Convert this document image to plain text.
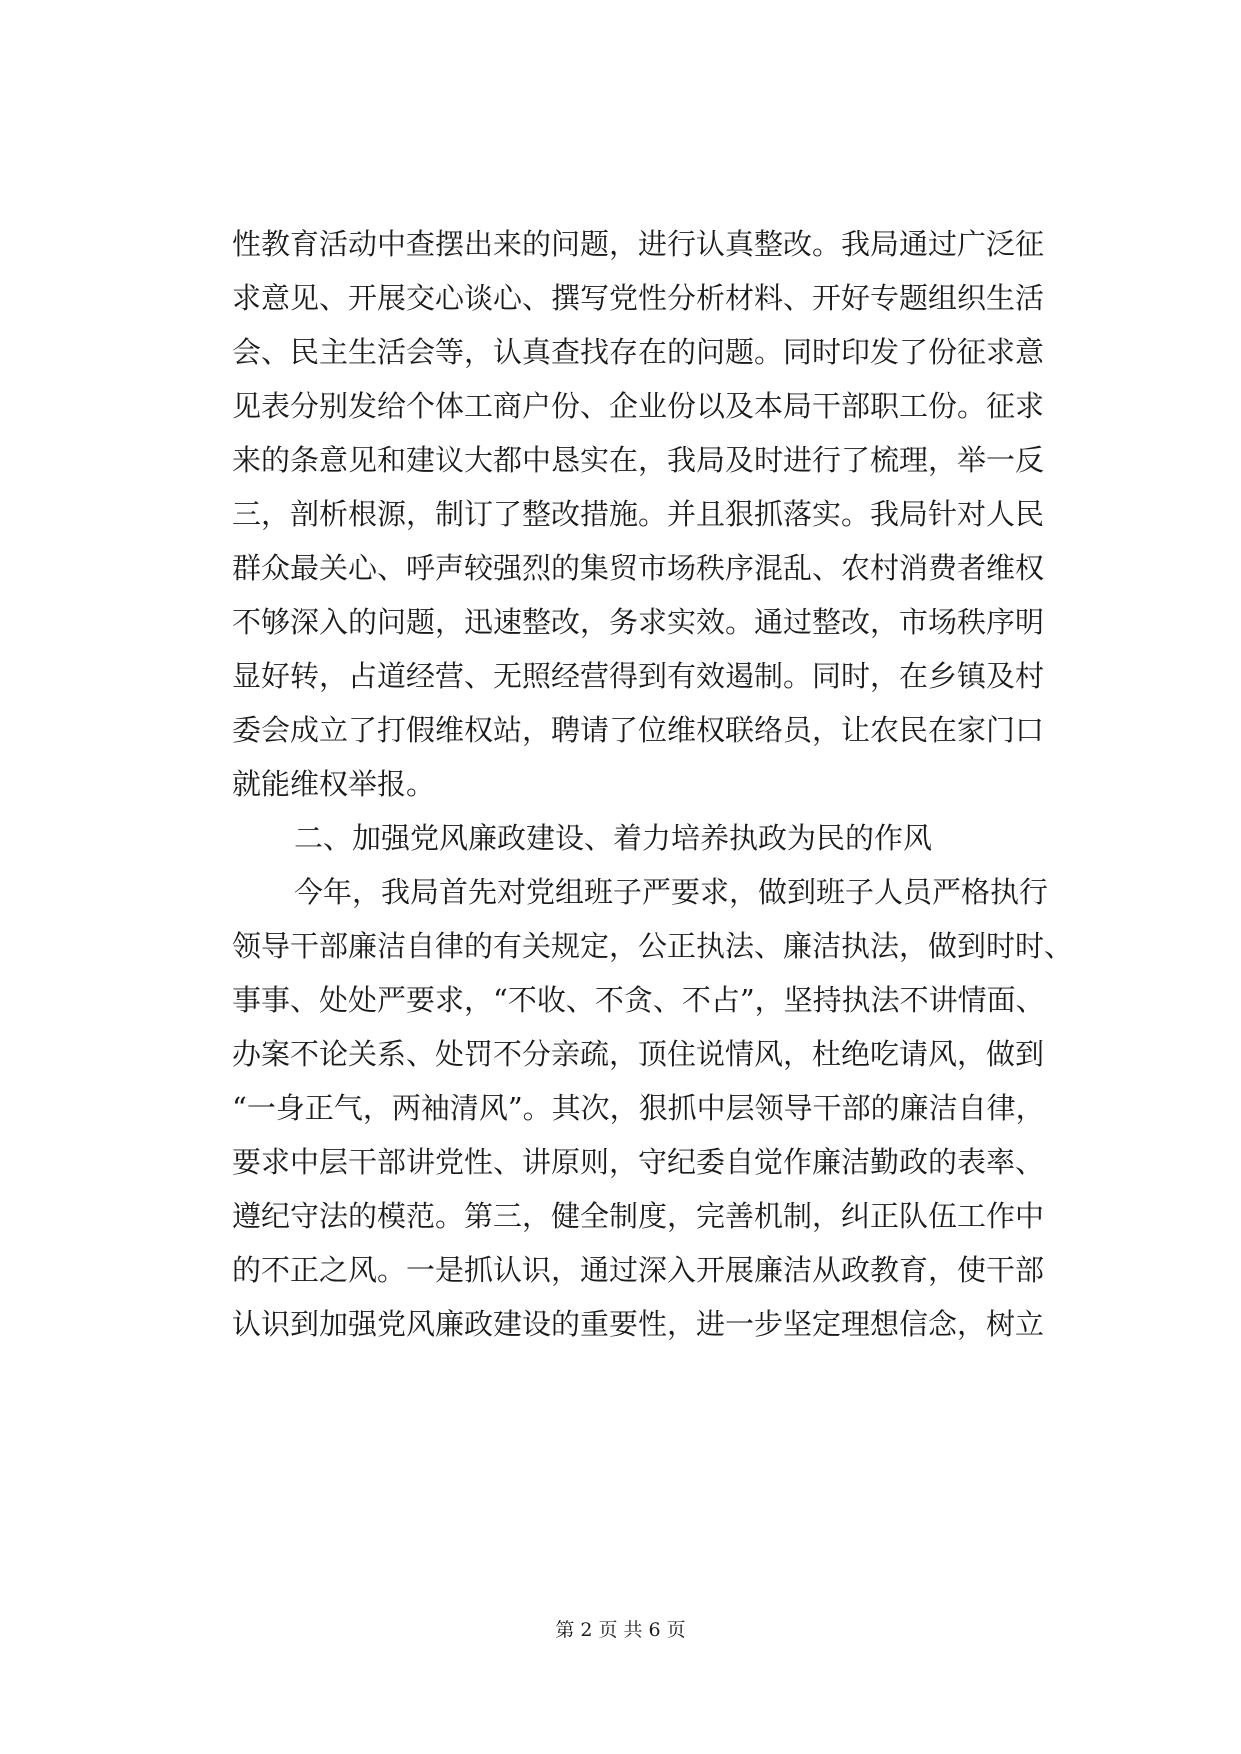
性教育活动中查摆出来的问题，进行认真整改。我局通过广泛征
求意见、开展交心谈心、撰写党性分析材料、开好专题组织生活
会、民主生活会等，认真查找存在的问题。同时印发了份征求意
见表分别发给个体工商户份、企业份以及本局干部职工份。征求
来的条意见和建议大都中恳实在，我局及时进行了梳理，举一反
三，剖析根源，制订了整改措施。并且狠抓落实。我局针对人民
群众最关心、呼声较强烈的集贸市场秩序混乱、农村消费者维权
不够深入的问题，迅速整改，务求实效。通过整改，市场秩序明
显好转，占道经营、无照经营得到有效遏制。同时，在乡镇及村
委会成立了打假维权站，聘请了位维权联络员，让农民在家门口
就能维权举报。
二、加强党风廉政建设、着力培养执政为民的作风
今年，我局首先对党组班子严要求，做到班子人员严格执行
领导干部廉洁自律的有关规定，公正执法、廉洁执法，做到时时、
事事、处处严要求，“不收、不贪、不占”，坚持执法不讲情面、
办案不论关系、处罚不分亲疏，顶住说情风，杜绝吃请风，做到
“一身正气，两袖清风”。其次，狠抓中层领导干部的廉洁自律，
要求中层干部讲党性、讲原则，守纪委自觉作廉洁勤政的表率、
遵纪守法的模范。第三，健全制度，完善机制，纠正队伍工作中
的不正之风。一是抓认识，通过深入开展廉洁从政教育，使干部
认识到加强党风廉政建设的重要性，进一步坚定理想信念，树立
第 2 页 共 6 页
